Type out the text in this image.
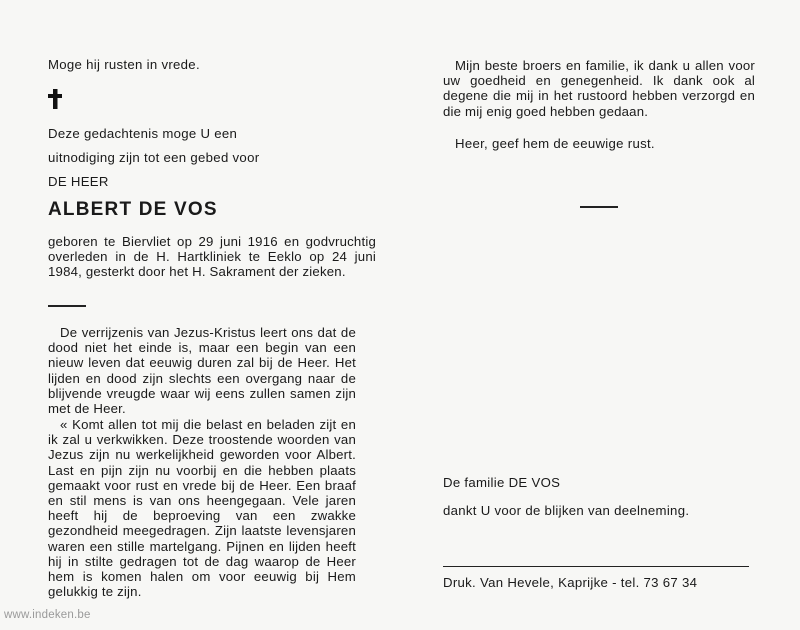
Moge hij rusten in vrede.
Deze gedachtenis moge U een
uitnodiging zijn tot een gebed voor
DE HEER
ALBERT DE VOS
geboren te Biervliet op 29 juni 1916 en godvruchtig overleden in de H. Hartkliniek te Eeklo op 24 juni 1984, gesterkt door het H. Sakrament der zieken.
De verrijzenis van Jezus-Kristus leert ons dat de dood niet het einde is, maar een begin van een nieuw leven dat eeuwig duren zal bij de Heer. Het lijden en dood zijn slechts een overgang naar de blijvende vreugde waar wij eens zullen samen zijn met de Heer.
« Komt allen tot mij die belast en beladen zijt en ik zal u verkwikken. Deze troostende woorden van Jezus zijn nu werkelijkheid geworden voor Albert. Last en pijn zijn nu voorbij en die hebben plaats gemaakt voor rust en vrede bij de Heer. Een braaf en stil mens is van ons heengegaan. Vele jaren heeft hij de beproeving van een zwakke gezondheid meegedragen. Zijn laatste levensjaren waren een stille martelgang. Pijnen en lijden heeft hij in stilte gedragen tot de dag waarop de Heer hem is komen halen om voor eeuwig bij Hem gelukkig te zijn.
Mijn beste broers en familie, ik dank u allen voor uw goedheid en genegenheid. Ik dank ook al degene die mij in het rustoord hebben verzorgd en die mij enig goed hebben gedaan.
Heer, geef hem de eeuwige rust.
De familie DE VOS
dankt U voor de blijken van deelneming.
Druk. Van Hevele, Kaprijke - tel. 73 67 34
www.indeken.be
